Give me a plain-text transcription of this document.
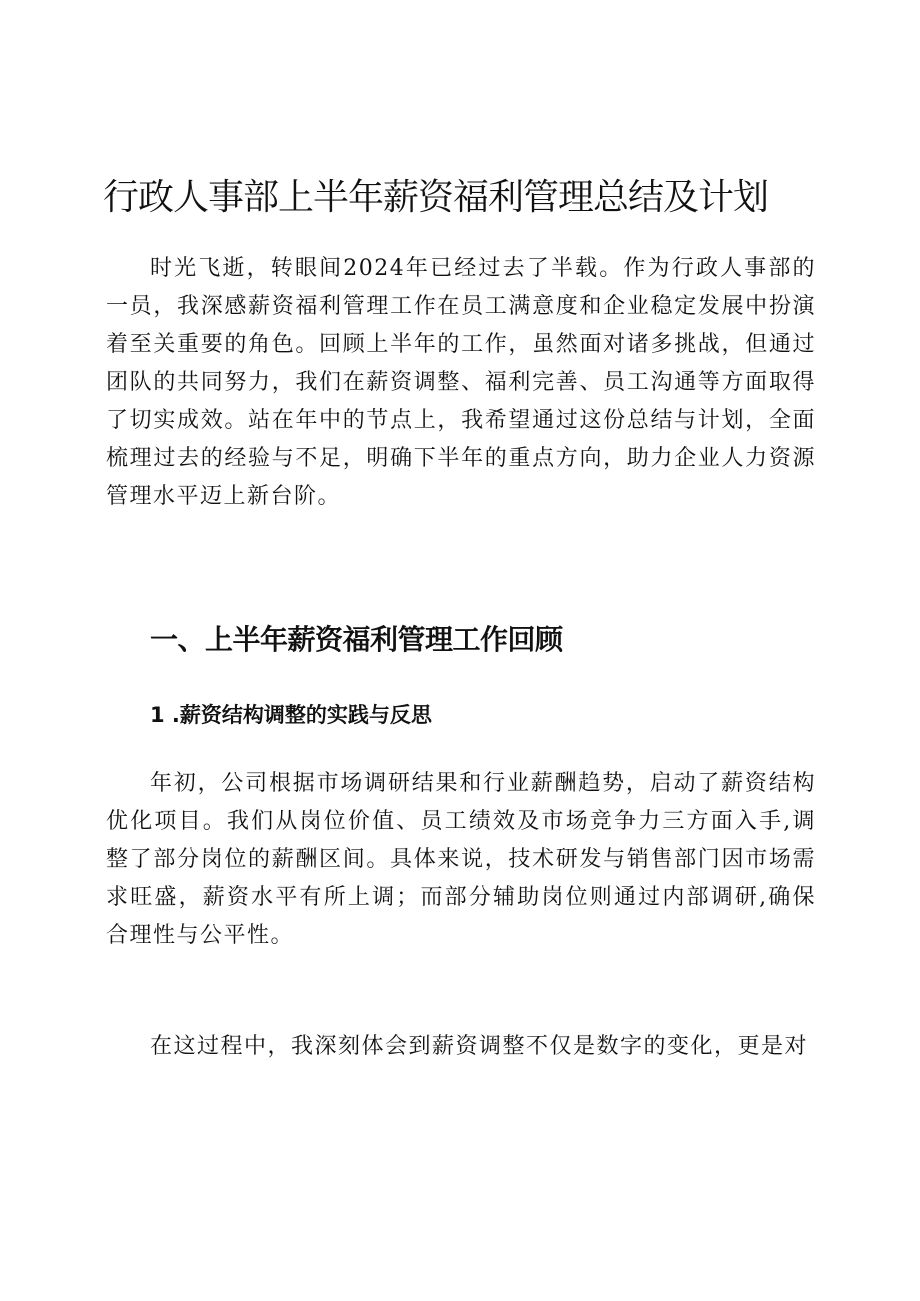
行政人事部上半年薪资福利管理总结及计划

时光飞逝，转眼间2024年已经过去了半载。作为行政人事部的一员，我深感薪资福利管理工作在员工满意度和企业稳定发展中扮演着至关重要的角色。回顾上半年的工作，虽然面对诸多挑战，但通过团队的共同努力，我们在薪资调整、福利完善、员工沟通等方面取得了切实成效。站在年中的节点上，我希望通过这份总结与计划，全面梳理过去的经验与不足，明确下半年的重点方向，助力企业人力资源管理水平迈上新台阶。

一、上半年薪资福利管理工作回顾
1 .薪资结构调整的实践与反思

年初，公司根据市场调研结果和行业薪酬趋势，启动了薪资结构优化项目。我们从岗位价值、员工绩效及市场竞争力三方面入手,调整了部分岗位的薪酬区间。具体来说，技术研发与销售部门因市场需求旺盛，薪资水平有所上调；而部分辅助岗位则通过内部调研,确保合理性与公平性。

在这过程中，我深刻体会到薪资调整不仅是数字的变化，更是对
